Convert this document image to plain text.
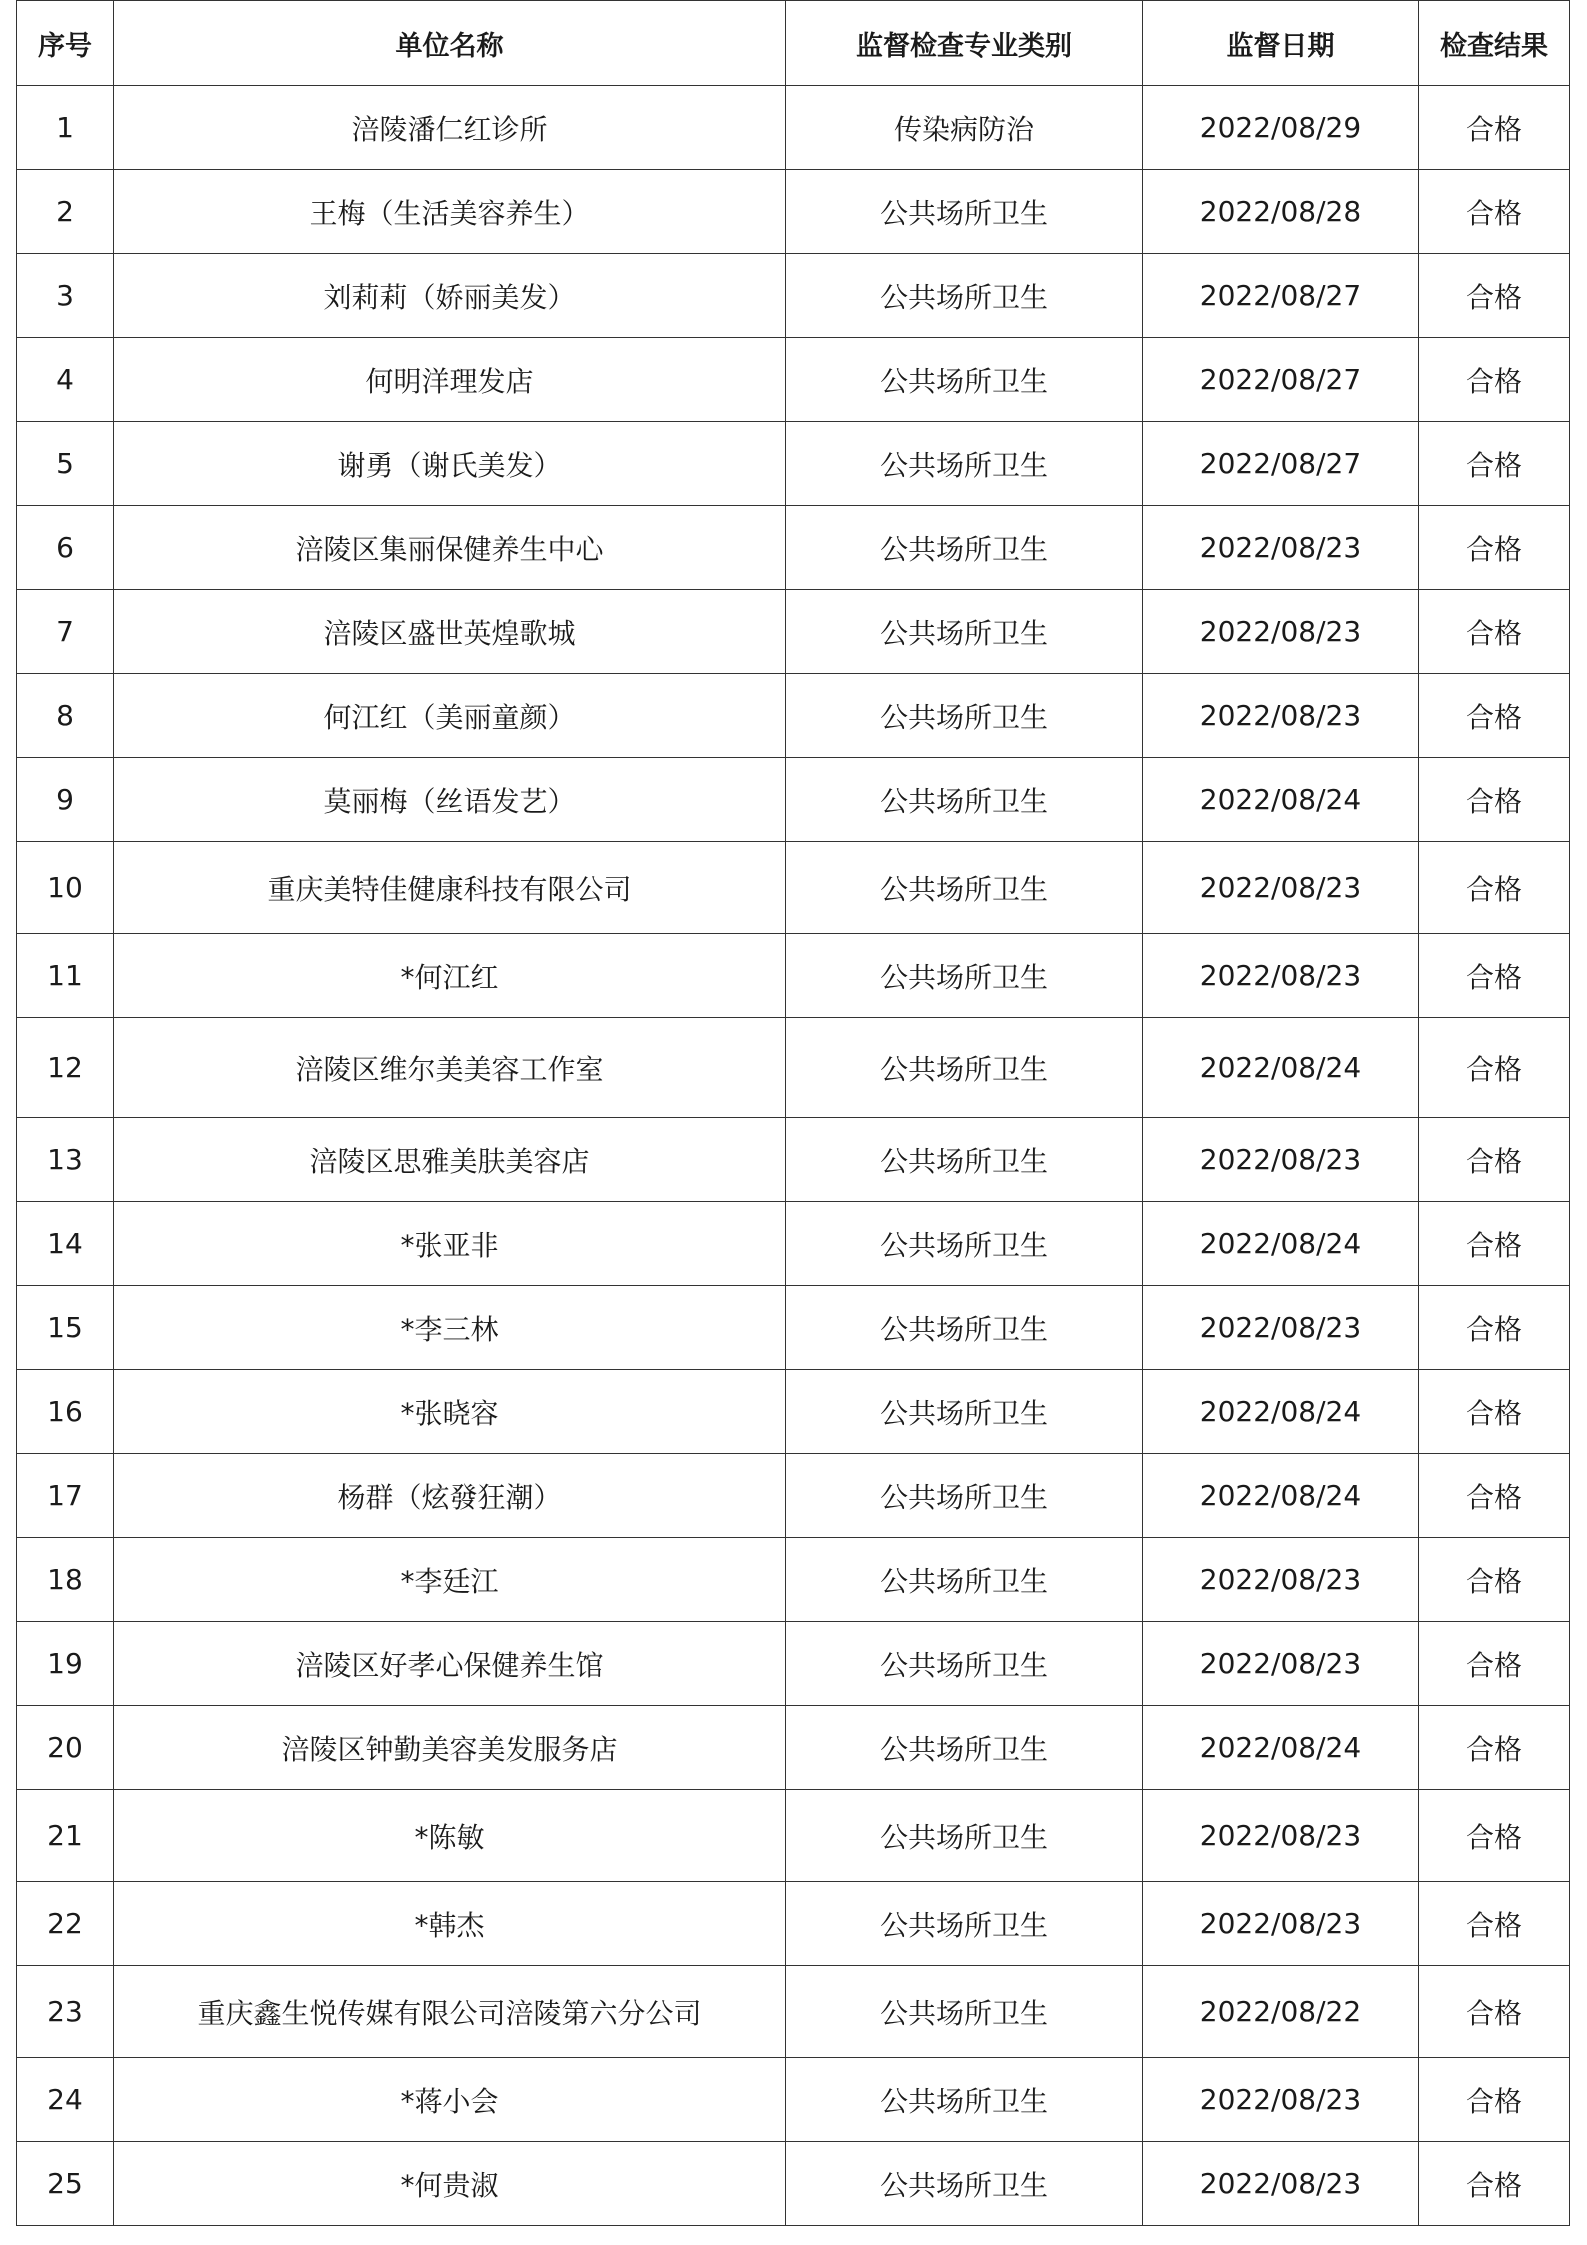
序号	单位名称	监督检查专业类别	监督日期	检查结果
1	涪陵潘仁红诊所	传染病防治	2022/08/29	合格
2	王梅（生活美容养生）	公共场所卫生	2022/08/28	合格
3	刘莉莉（娇丽美发）	公共场所卫生	2022/08/27	合格
4	何明洋理发店	公共场所卫生	2022/08/27	合格
5	谢勇（谢氏美发）	公共场所卫生	2022/08/27	合格
6	涪陵区集丽保健养生中心	公共场所卫生	2022/08/23	合格
7	涪陵区盛世英煌歌城	公共场所卫生	2022/08/23	合格
8	何江红（美丽童颜）	公共场所卫生	2022/08/23	合格
9	莫丽梅（丝语发艺）	公共场所卫生	2022/08/24	合格
10	重庆美特佳健康科技有限公司	公共场所卫生	2022/08/23	合格
11	*何江红	公共场所卫生	2022/08/23	合格
12	涪陵区维尔美美容工作室	公共场所卫生	2022/08/24	合格
13	涪陵区思雅美肤美容店	公共场所卫生	2022/08/23	合格
14	*张亚非	公共场所卫生	2022/08/24	合格
15	*李三林	公共场所卫生	2022/08/23	合格
16	*张晓容	公共场所卫生	2022/08/24	合格
17	杨群（炫發狂潮）	公共场所卫生	2022/08/24	合格
18	*李廷江	公共场所卫生	2022/08/23	合格
19	涪陵区好孝心保健养生馆	公共场所卫生	2022/08/23	合格
20	涪陵区钟勤美容美发服务店	公共场所卫生	2022/08/24	合格
21	*陈敏	公共场所卫生	2022/08/23	合格
22	*韩杰	公共场所卫生	2022/08/23	合格
23	重庆鑫生悦传媒有限公司涪陵第六分公司	公共场所卫生	2022/08/22	合格
24	*蒋小会	公共场所卫生	2022/08/23	合格
25	*何贵淑	公共场所卫生	2022/08/23	合格
